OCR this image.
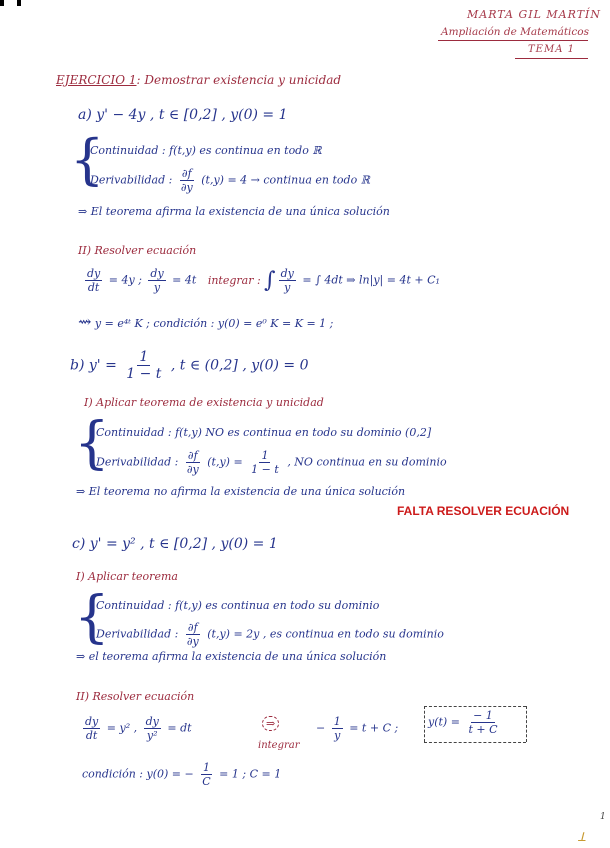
MARTA GIL MARTÍN
Ampliación de Matemáticos
TEMA 1
EJERCICIO 1: Demostrar existencia y unicidad
a) y' − 4y , t ∈ [0,2] , y(0) = 1
{
Continuidad : f(t,y) es continua en todo ℝ
Derivabilidad : $\frac{\partial f}{\partial y} (t,y) = 4$ → continua en todo ℝ
⇒ El teorema afirma la existencia de una única solución
II) Resolver ecuación
$\frac{dy}{dt} = 4y$ ; $\frac{dy}{y} = 4t$ integrar : ∫ $\frac{dy}{y}$ = ∫ 4dt ⇒ ln|y| = 4t + C₁
⇝ y = e⁴ᵗ K ; condición : y(0) = e⁰ K = K = 1 ;
b) $y' = \frac{1}{1 - t}$ , t ∈ (0,2] , y(0) = 0
I) Aplicar teorema de existencia y unicidad
{
Continuidad : f(t,y) NO es continua en todo su dominio (0,2]
Derivabilidad : $\frac{\partial f}{\partial y} (t,y) = \frac{1}{1 - t}$ , NO continua en su dominio
⇒ El teorema no afirma la existencia de una única solución
FALTA RESOLVER ECUACIÓN
c) y' = y² , t ∈ [0,2] , y(0) = 1
I) Aplicar teorema
{
Continuidad : f(t,y) es continua en todo su dominio
Derivabilidad : $\frac{\partial f}{\partial y} (t,y) = 2y$ , es continua en todo su dominio
⇒ el teorema afirma la existencia de una única solución
II) Resolver ecuación
$\frac{dy}{dt} = y^2$ , $\frac{dy}{\text{y²}}$ = dt	⇒
integrar
− $\frac{1}{y} = t + C$ ;	$y(t) = \frac{- 1}{t + C}$
condición : y(0) = − $\frac{1}{C} = 1$ ; C = 1
1
ꓕ
